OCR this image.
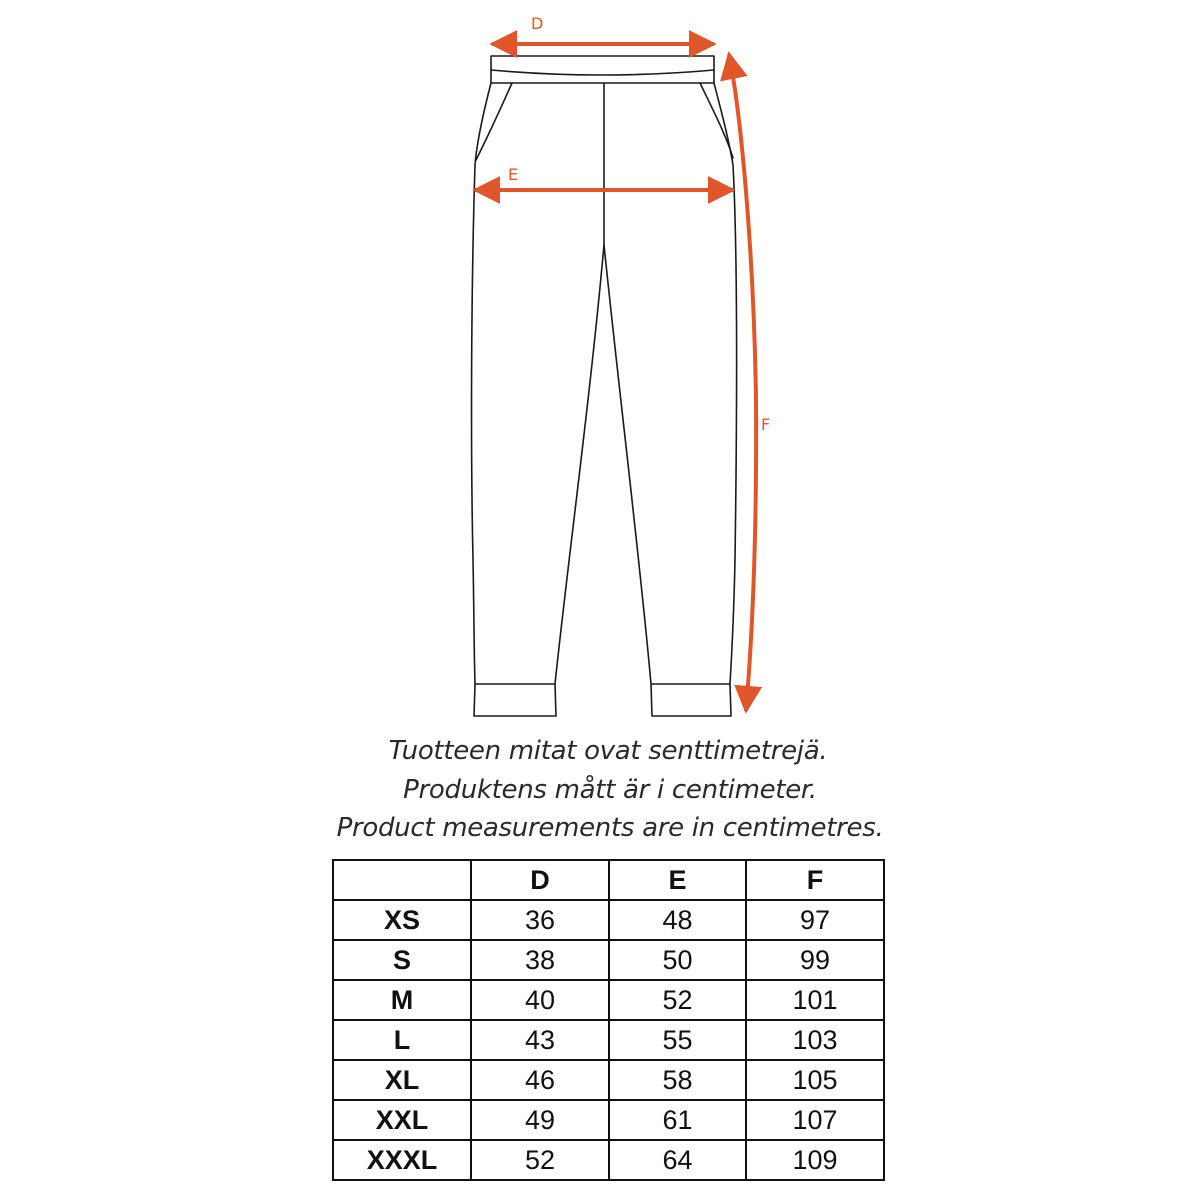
D
E
F
Tuotteen mitat ovat senttimetrejä.
Produktens mått är i centimeter.
Product measurements are in centimetres.
	D	E	F
XS	36	48	97
S	38	50	99
M	40	52	101
L	43	55	103
XL	46	58	105
XXL	49	61	107
XXXL	52	64	109
